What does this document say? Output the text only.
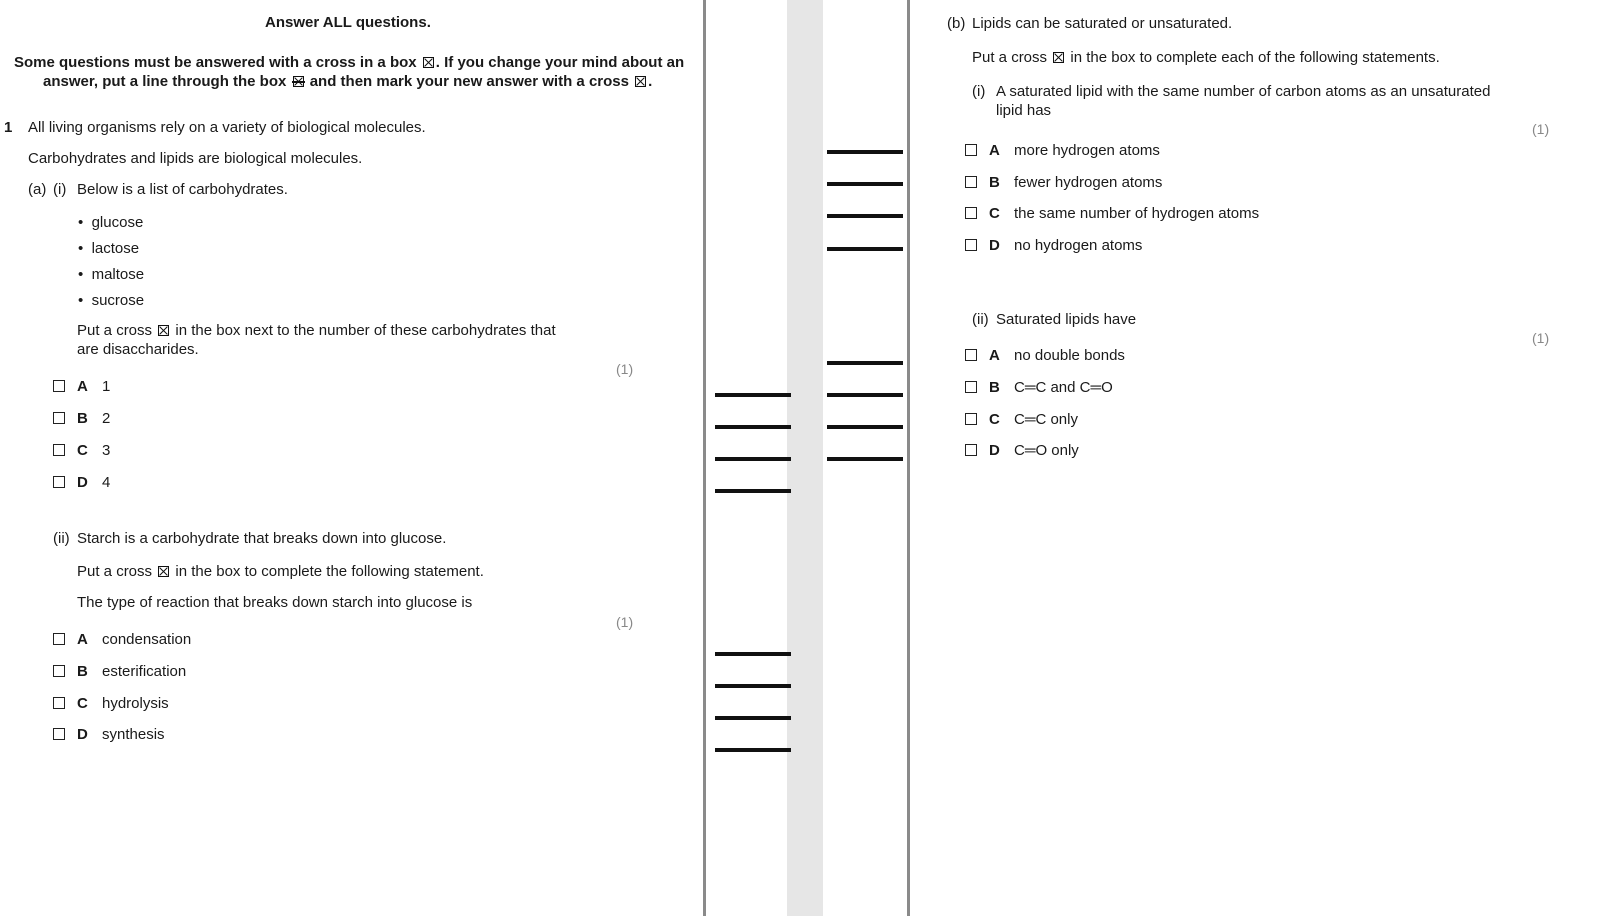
Answer ALL questions.
Some questions must be answered with a cross in a box ☒ . If you change your mind about an
answer, put a line through the box and then mark your new answer with a cross ☒ .
1 All living organisms rely on a variety of biological molecules.
Carbohydrates and lipids are biological molecules.
(a) (i) Below is a list of carbohydrates.
•  glucose
•  lactose
•  maltose
•  sucrose
Put a cross ☒ in the box next to the number of these carbohydrates that
are disaccharides.
(1)
A 1
B 2
C 3
D 4
(ii) Starch is a carbohydrate that breaks down into glucose.
Put a cross ☒ in the box to complete the following statement.
The type of reaction that breaks down starch into glucose is
(1)
A condensation
B esterification
C hydrolysis
D synthesis
(b) Lipids can be saturated or unsaturated.
Put a cross ☒ in the box to complete each of the following statements.
(i) A saturated lipid with the same number of carbon atoms as an unsaturated
lipid has
(1)
A more hydrogen atoms
B fewer hydrogen atoms
C the same number of hydrogen atoms
D no hydrogen atoms
(ii) Saturated lipids have
(1)
A no double bonds
B C═C and C═O
C C═C only
D C═O only
